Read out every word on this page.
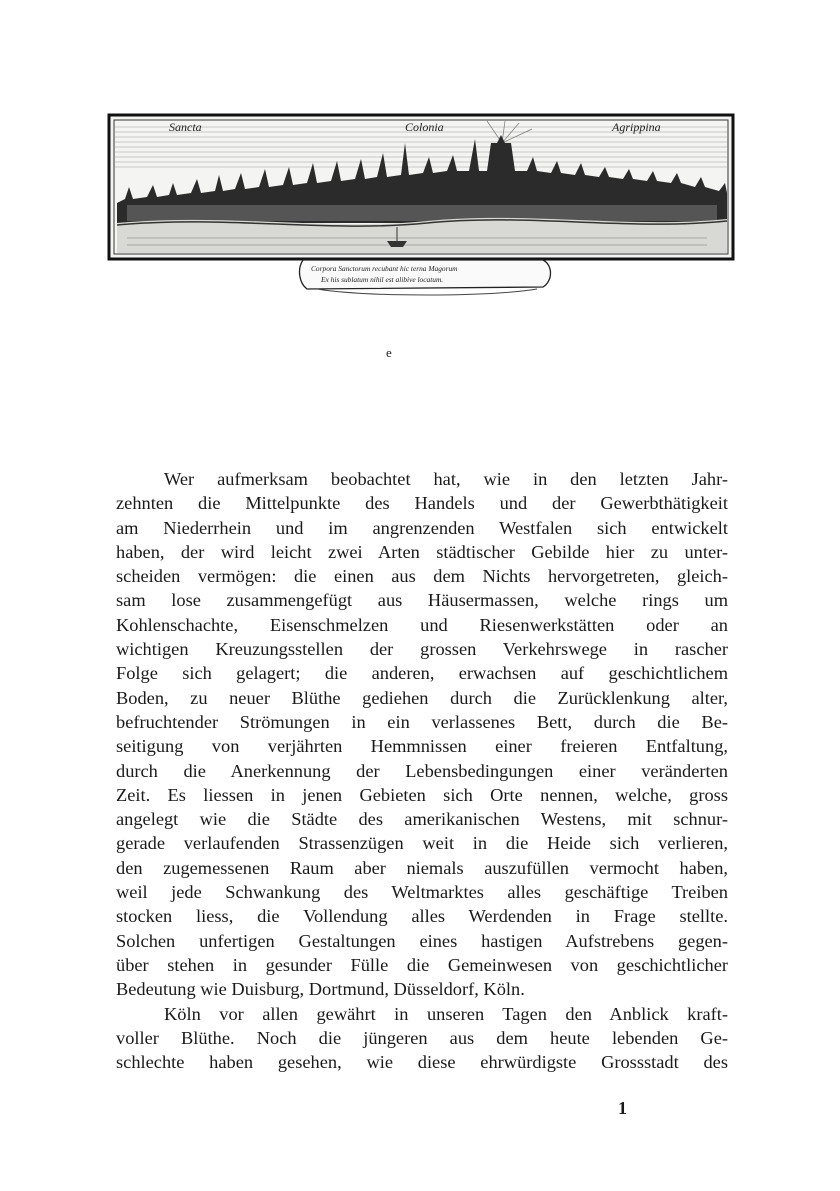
Sancta	Colonia	Agrippina
Corpora Sanctorum recubant hic terna Magorum
Ex his sublatum nihil est alibive locatum.
e
Wer aufmerksam beobachtet hat, wie in den letzten Jahr-
zehnten die Mittelpunkte des Handels und der Gewerbthätigkeit
am Niederrhein und im angrenzenden Westfalen sich entwickelt
haben, der wird leicht zwei Arten städtischer Gebilde hier zu unter-
scheiden vermögen: die einen aus dem Nichts hervorgetreten, gleich-
sam lose zusammengefügt aus Häusermassen, welche rings um
Kohlenschachte, Eisenschmelzen und Riesenwerkstätten oder an
wichtigen Kreuzungsstellen der grossen Verkehrswege in rascher
Folge sich gelagert; die anderen, erwachsen auf geschichtlichem
Boden, zu neuer Blüthe gediehen durch die Zurücklenkung alter,
befruchtender Strömungen in ein verlassenes Bett, durch die Be-
seitigung von verjährten Hemmnissen einer freieren Entfaltung,
durch die Anerkennung der Lebensbedingungen einer veränderten
Zeit. Es liessen in jenen Gebieten sich Orte nennen, welche, gross
angelegt wie die Städte des amerikanischen Westens, mit schnur-
gerade verlaufenden Strassenzügen weit in die Heide sich verlieren,
den zugemessenen Raum aber niemals auszufüllen vermocht haben,
weil jede Schwankung des Weltmarktes alles geschäftige Treiben
stocken liess, die Vollendung alles Werdenden in Frage stellte.
Solchen unfertigen Gestaltungen eines hastigen Aufstrebens gegen-
über stehen in gesunder Fülle die Gemeinwesen von geschichtlicher
Bedeutung wie Duisburg, Dortmund, Düsseldorf, Köln.
Köln vor allen gewährt in unseren Tagen den Anblick kraft-
voller Blüthe. Noch die jüngeren aus dem heute lebenden Ge-
schlechte haben gesehen, wie diese ehrwürdigste Grossstadt des
1
